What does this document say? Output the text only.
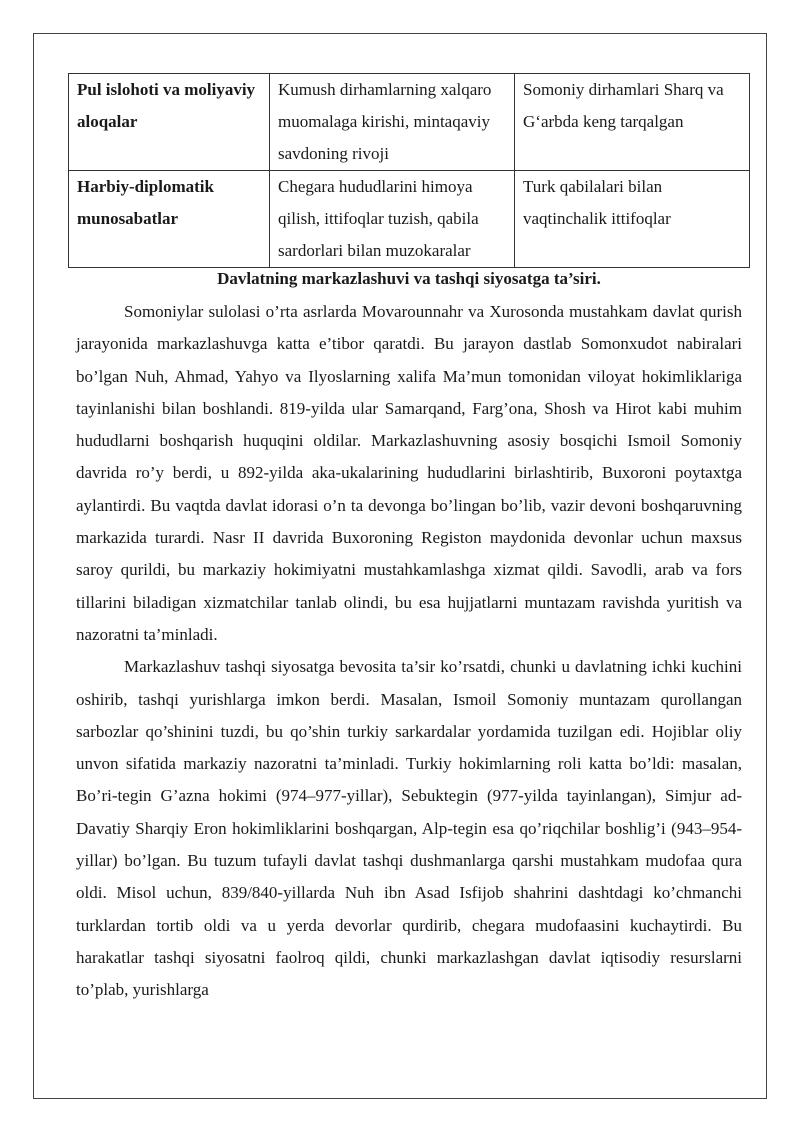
Pul islohoti va moliyaviy aloqalar	Kumush dirhamlarning xalqaro muomalaga kirishi, mintaqaviy savdoning rivoji	Somoniy dirhamlari Sharq va G‘arbda keng tarqalgan
Harbiy-diplomatik munosabatlar	Chegara hududlarini himoya qilish, ittifoqlar tuzish, qabila sardorlari bilan muzokaralar	Turk qabilalari bilan vaqtinchalik ittifoqlar
Davlatning markazlashuvi va tashqi siyosatga ta’siri.

Somoniylar sulolasi o’rta asrlarda Movarounnahr va Xurosonda mustahkam davlat qurish jarayonida markazlashuvga katta e’tibor qaratdi. Bu jarayon dastlab Somonxudot nabiralari bo’lgan Nuh, Ahmad, Yahyo va Ilyoslarning xalifa Ma’mun tomonidan viloyat hokimliklariga tayinlanishi bilan boshlandi. 819-yilda ular Samarqand, Farg’ona, Shosh va Hirot kabi muhim hududlarni boshqarish huquqini oldilar. Markazlashuvning asosiy bosqichi Ismoil Somoniy davrida ro’y berdi, u 892-yilda aka-ukalarining hududlarini birlashtirib, Buxoroni poytaxtga aylantirdi. Bu vaqtda davlat idorasi o’n ta devonga bo’lingan bo’lib, vazir devoni boshqaruvning markazida turardi. Nasr II davrida Buxoroning Registon maydonida devonlar uchun maxsus saroy qurildi, bu markaziy hokimiyatni mustahkamlashga xizmat qildi. Savodli, arab va fors tillarini biladigan xizmatchilar tanlab olindi, bu esa hujjatlarni muntazam ravishda yuritish va nazoratni ta’minladi.

Markazlashuv tashqi siyosatga bevosita ta’sir ko’rsatdi, chunki u davlatning ichki kuchini oshirib, tashqi yurishlarga imkon berdi. Masalan, Ismoil Somoniy muntazam qurollangan sarbozlar qo’shinini tuzdi, bu qo’shin turkiy sarkardalar yordamida tuzilgan edi. Hojiblar oliy unvon sifatida markaziy nazoratni ta’minladi. Turkiy hokimlarning roli katta bo’ldi: masalan, Bo’ri-tegin G’azna hokimi (974–977-yillar), Sebuktegin (977-yilda tayinlangan), Simjur ad-Davatiy Sharqiy Eron hokimliklarini boshqargan, Alp-tegin esa qo’riqchilar boshlig’i (943–954-yillar) bo’lgan. Bu tuzum tufayli davlat tashqi dushmanlarga qarshi mustahkam mudofaa qura oldi. Misol uchun, 839/840-yillarda Nuh ibn Asad Isfijob shahrini dashtdagi ko’chmanchi turklardan tortib oldi va u yerda devorlar qurdirib, chegara mudofaasini kuchaytirdi. Bu harakatlar tashqi siyosatni faolroq qildi, chunki markazlashgan davlat iqtisodiy resurslarni to’plab, yurishlarga
